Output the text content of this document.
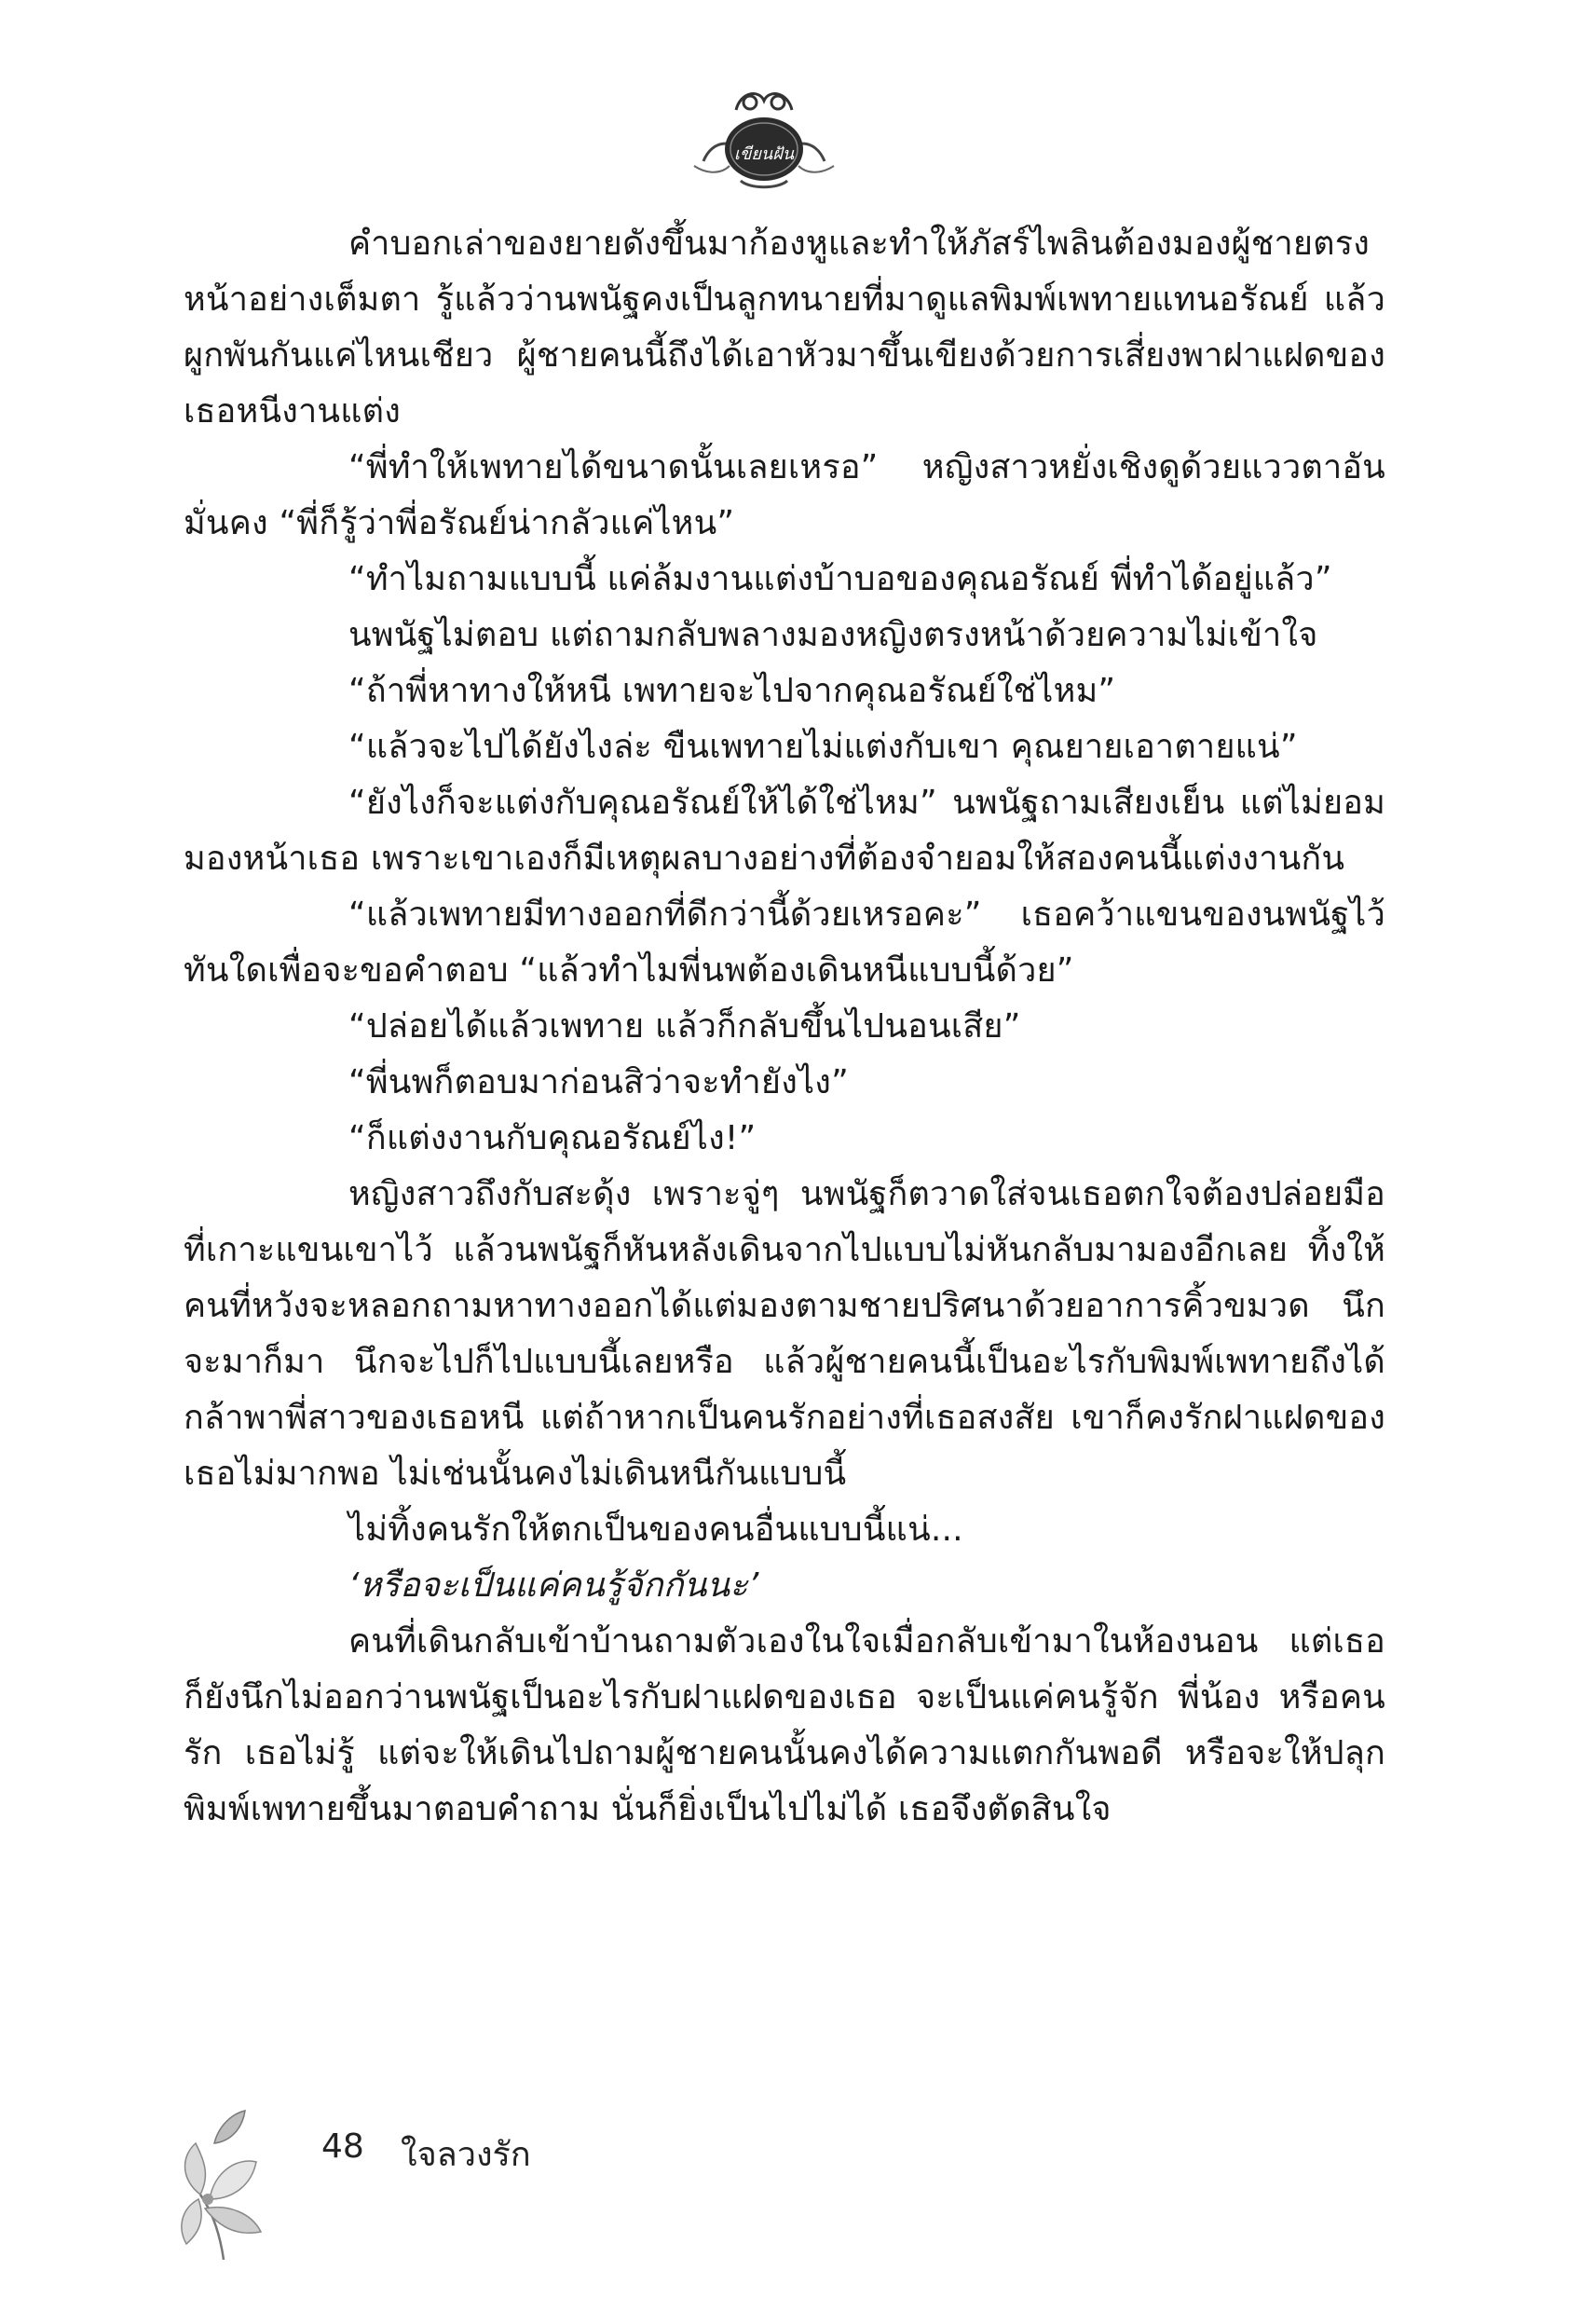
เขียนฝัน

คำบอกเล่าของยายดังขึ้นมาก้องหูและทำให้ภัสร์ไพลินต้องมองผู้ชายตรงหน้าอย่างเต็มตา รู้แล้วว่านพนัฐคงเป็นลูกทนายที่มาดูแลพิมพ์เพทายแทนอรัณย์ แล้วผูกพันกันแค่ไหนเชียว ผู้ชายคนนี้ถึงได้เอาหัวมาขึ้นเขียงด้วยการเสี่ยงพาฝาแฝดของเธอหนีงานแต่ง

“พี่ทำให้เพทายได้ขนาดนั้นเลยเหรอ” หญิงสาวหยั่งเชิงดูด้วยแววตาอันมั่นคง “พี่ก็รู้ว่าพี่อรัณย์น่ากลัวแค่ไหน”

“ทำไมถามแบบนี้ แค่ล้มงานแต่งบ้าบอของคุณอรัณย์ พี่ทำได้อยู่แล้ว”

นพนัฐไม่ตอบ แต่ถามกลับพลางมองหญิงตรงหน้าด้วยความไม่เข้าใจ

“ถ้าพี่หาทางให้หนี เพทายจะไปจากคุณอรัณย์ใช่ไหม”

“แล้วจะไปได้ยังไงล่ะ ขืนเพทายไม่แต่งกับเขา คุณยายเอาตายแน่”

“ยังไงก็จะแต่งกับคุณอรัณย์ให้ได้ใช่ไหม” นพนัฐถามเสียงเย็น แต่ไม่ยอมมองหน้าเธอ เพราะเขาเองก็มีเหตุผลบางอย่างที่ต้องจำยอมให้สองคนนี้แต่งงานกัน

“แล้วเพทายมีทางออกที่ดีกว่านี้ด้วยเหรอคะ” เธอคว้าแขนของนพนัฐไว้ทันใดเพื่อจะขอคำตอบ “แล้วทำไมพี่นพต้องเดินหนีแบบนี้ด้วย”

“ปล่อยได้แล้วเพทาย แล้วก็กลับขึ้นไปนอนเสีย”

“พี่นพก็ตอบมาก่อนสิว่าจะทำยังไง”

“ก็แต่งงานกับคุณอรัณย์ไง!”

หญิงสาวถึงกับสะดุ้ง เพราะจู่ๆ นพนัฐก็ตวาดใส่จนเธอตกใจต้องปล่อยมือที่เกาะแขนเขาไว้ แล้วนพนัฐก็หันหลังเดินจากไปแบบไม่หันกลับมามองอีกเลย ทิ้งให้คนที่หวังจะหลอกถามหาทางออกได้แต่มองตามชายปริศนาด้วยอาการคิ้วขมวด นึกจะมาก็มา นึกจะไปก็ไปแบบนี้เลยหรือ แล้วผู้ชายคนนี้เป็นอะไรกับพิมพ์เพทายถึงได้กล้าพาพี่สาวของเธอหนี แต่ถ้าหากเป็นคนรักอย่างที่เธอสงสัย เขาก็คงรักฝาแฝดของเธอไม่มากพอ ไม่เช่นนั้นคงไม่เดินหนีกันแบบนี้

ไม่ทิ้งคนรักให้ตกเป็นของคนอื่นแบบนี้แน่...

‘หรือจะเป็นแค่คนรู้จักกันนะ’

คนที่เดินกลับเข้าบ้านถามตัวเองในใจเมื่อกลับเข้ามาในห้องนอน แต่เธอก็ยังนึกไม่ออกว่านพนัฐเป็นอะไรกับฝาแฝดของเธอ จะเป็นแค่คนรู้จัก พี่น้อง หรือคนรัก เธอไม่รู้ แต่จะให้เดินไปถามผู้ชายคนนั้นคงได้ความแตกกันพอดี หรือจะให้ปลุกพิมพ์เพทายขึ้นมาตอบคำถาม นั่นก็ยิ่งเป็นไปไม่ได้ เธอจึงตัดสินใจ

48 ใจลวงรัก
